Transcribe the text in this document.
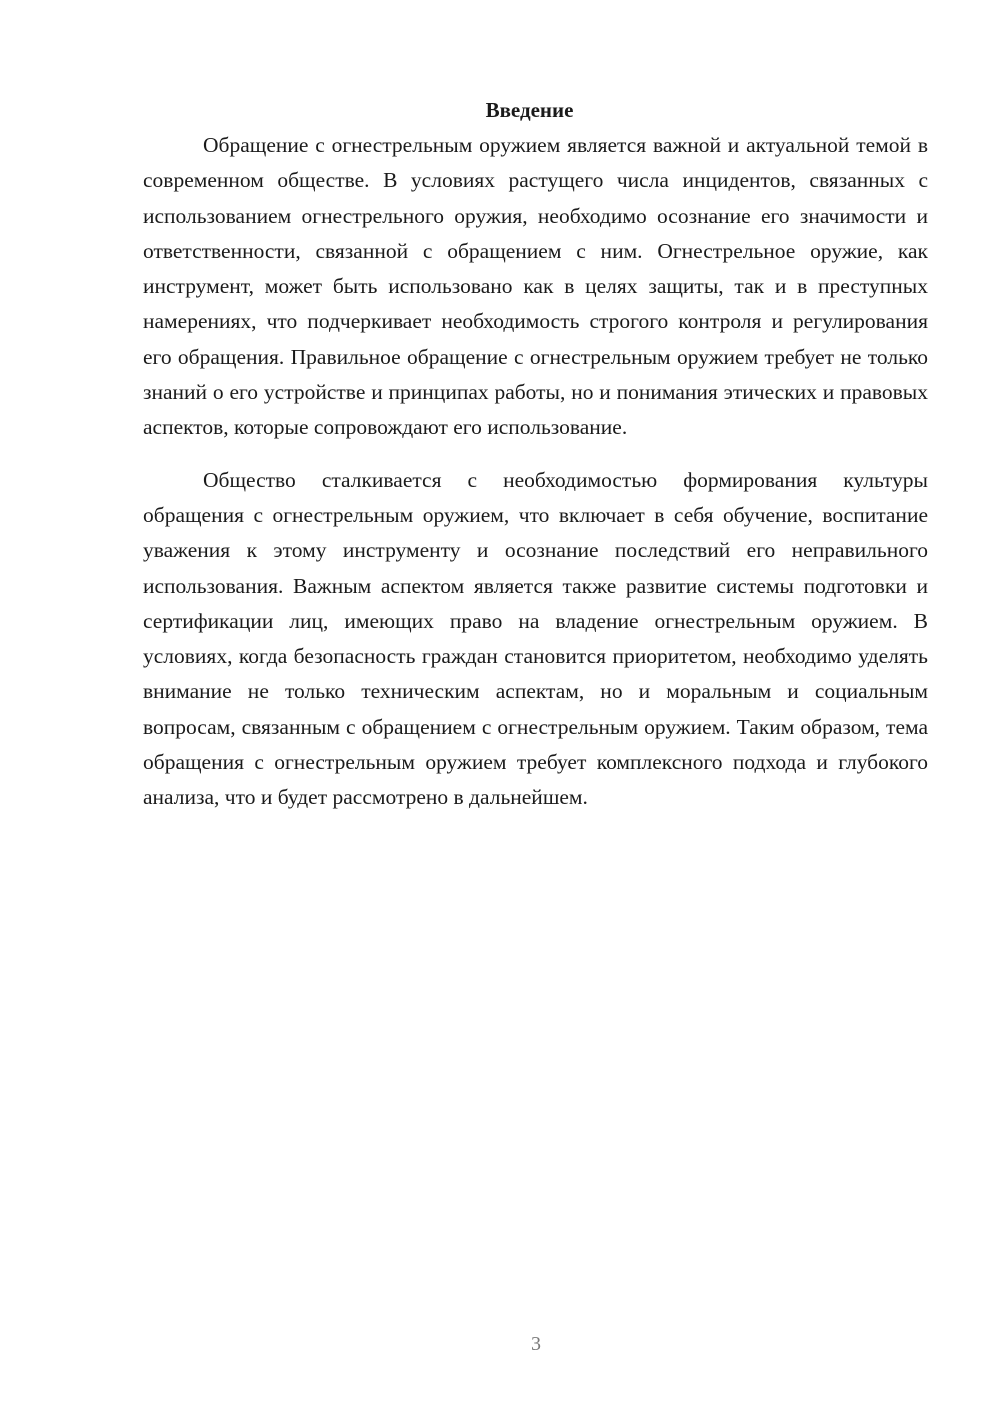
Введение

Обращение с огнестрельным оружием является важной и актуальной темой в современном обществе. В условиях растущего числа инцидентов, связанных с использованием огнестрельного оружия, необходимо осознание его значимости и ответственности, связанной с обращением с ним. Огнестрельное оружие, как инструмент, может быть использовано как в целях защиты, так и в преступных намерениях, что подчеркивает необходимость строгого контроля и регулирования его обращения. Правильное обращение с огнестрельным оружием требует не только знаний о его устройстве и принципах работы, но и понимания этических и правовых аспектов, которые сопровождают его использование.

Общество сталкивается с необходимостью формирования культуры обращения с огнестрельным оружием, что включает в себя обучение, воспитание уважения к этому инструменту и осознание последствий его неправильного использования. Важным аспектом является также развитие системы подготовки и сертификации лиц, имеющих право на владение огнестрельным оружием. В условиях, когда безопасность граждан становится приоритетом, необходимо уделять внимание не только техническим аспектам, но и моральным и социальным вопросам, связанным с обращением с огнестрельным оружием. Таким образом, тема обращения с огнестрельным оружием требует комплексного подхода и глубокого анализа, что и будет рассмотрено в дальнейшем.

3
